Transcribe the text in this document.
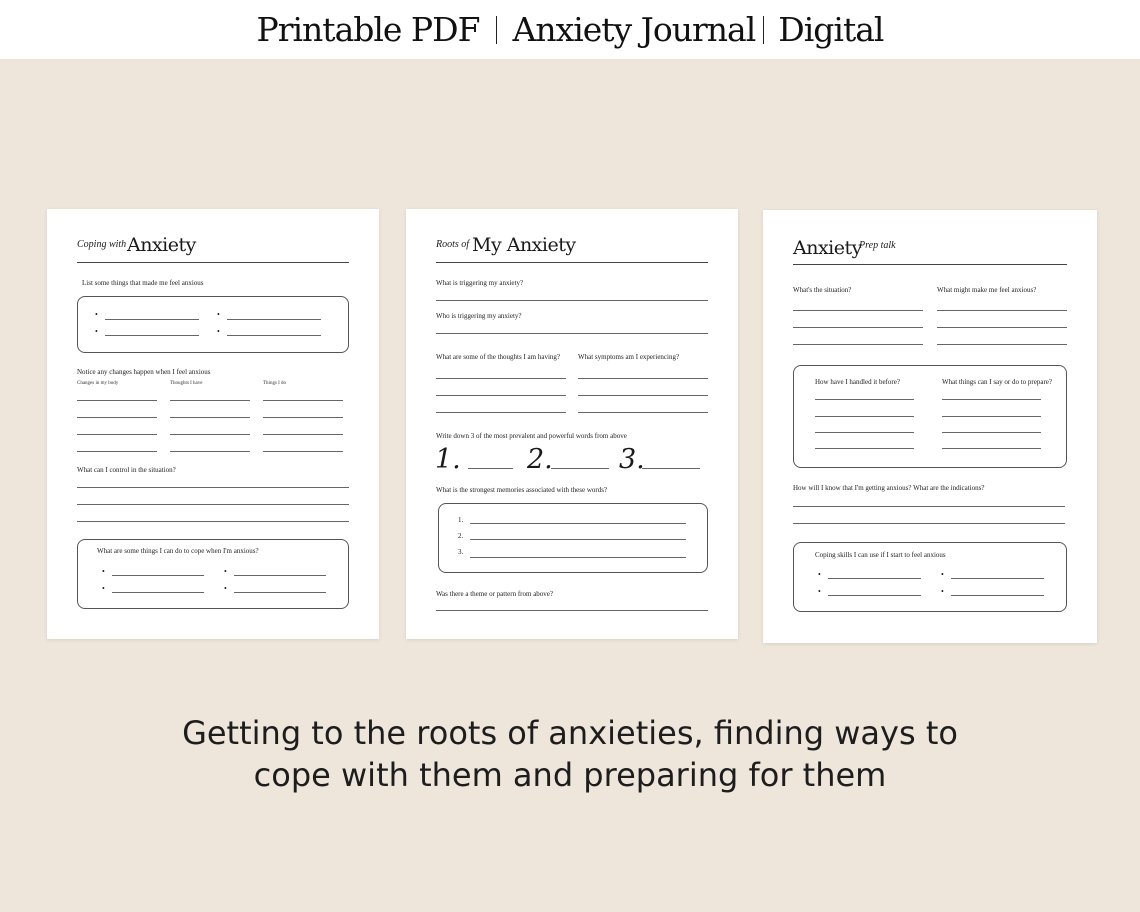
Printable PDF Anxiety Journal Digital
Coping with Anxiety
List some things that made me feel anxious
•
•
•
•
Notice any changes happen when I feel anxious
Changes in my body	Thoughts I have	Things I do
What can I control in the situation?
What are some things I can do to cope when I'm anxious?
•
•
•
•
Roots of My Anxiety
What is triggering my anxiety?
Who is triggering my anxiety?
What are some of the thoughts I am having?	What symptoms am I experiencing?
Write down 3 of the most prevalent and powerful words from above
1. 2. 3.
What is the strongest memories associated with these words?
1.
2.
3.
Was there a theme or pattern from above?
Anxiety
Prep talk
What's the situation?	What might make me feel anxious?
How have I handled it before?	What things can I say or do to prepare?
How will I know that I'm getting anxious? What are the indications?
Coping skills I can use if I start to feel anxious
•
•
•
•
Getting to the roots of anxieties, finding ways to
cope with them and preparing for them
